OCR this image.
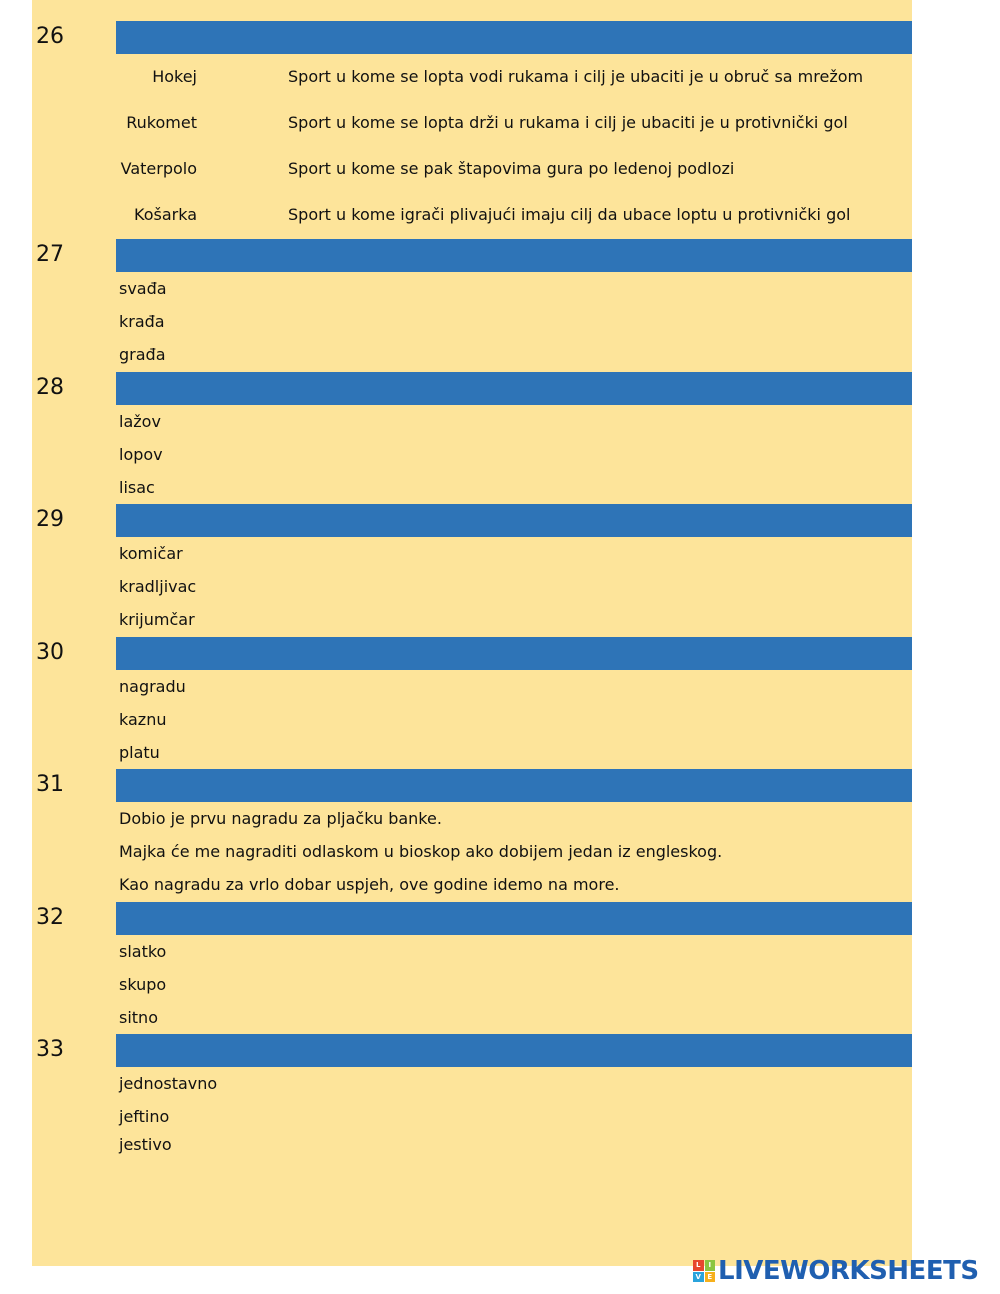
26
Hokej	Sport u kome se lopta vodi rukama i cilj je ubaciti je u obruč sa mrežom
Rukomet	Sport u kome se lopta drži u rukama i cilj je ubaciti je u protivnički gol
Vaterpolo	Sport u kome se pak štapovima gura po ledenoj podlozi
Košarka	Sport u kome igrači plivajući imaju cilj da ubace loptu u protivnički gol
27
svađa
krađa
građa
28
lažov
lopov
lisac
29
komičar
kradljivac
krijumčar
30
nagradu
kaznu
platu
31
Dobio je prvu nagradu za pljačku banke.
Majka će me nagraditi odlaskom u bioskop ako dobijem jedan iz engleskog.
Kao nagradu za vrlo dobar uspjeh, ove godine idemo na more.
32
slatko
skupo
sitno
33
jednostavno
jeftino
jestivo
L	I
V E LIVEWORKSHEETS
